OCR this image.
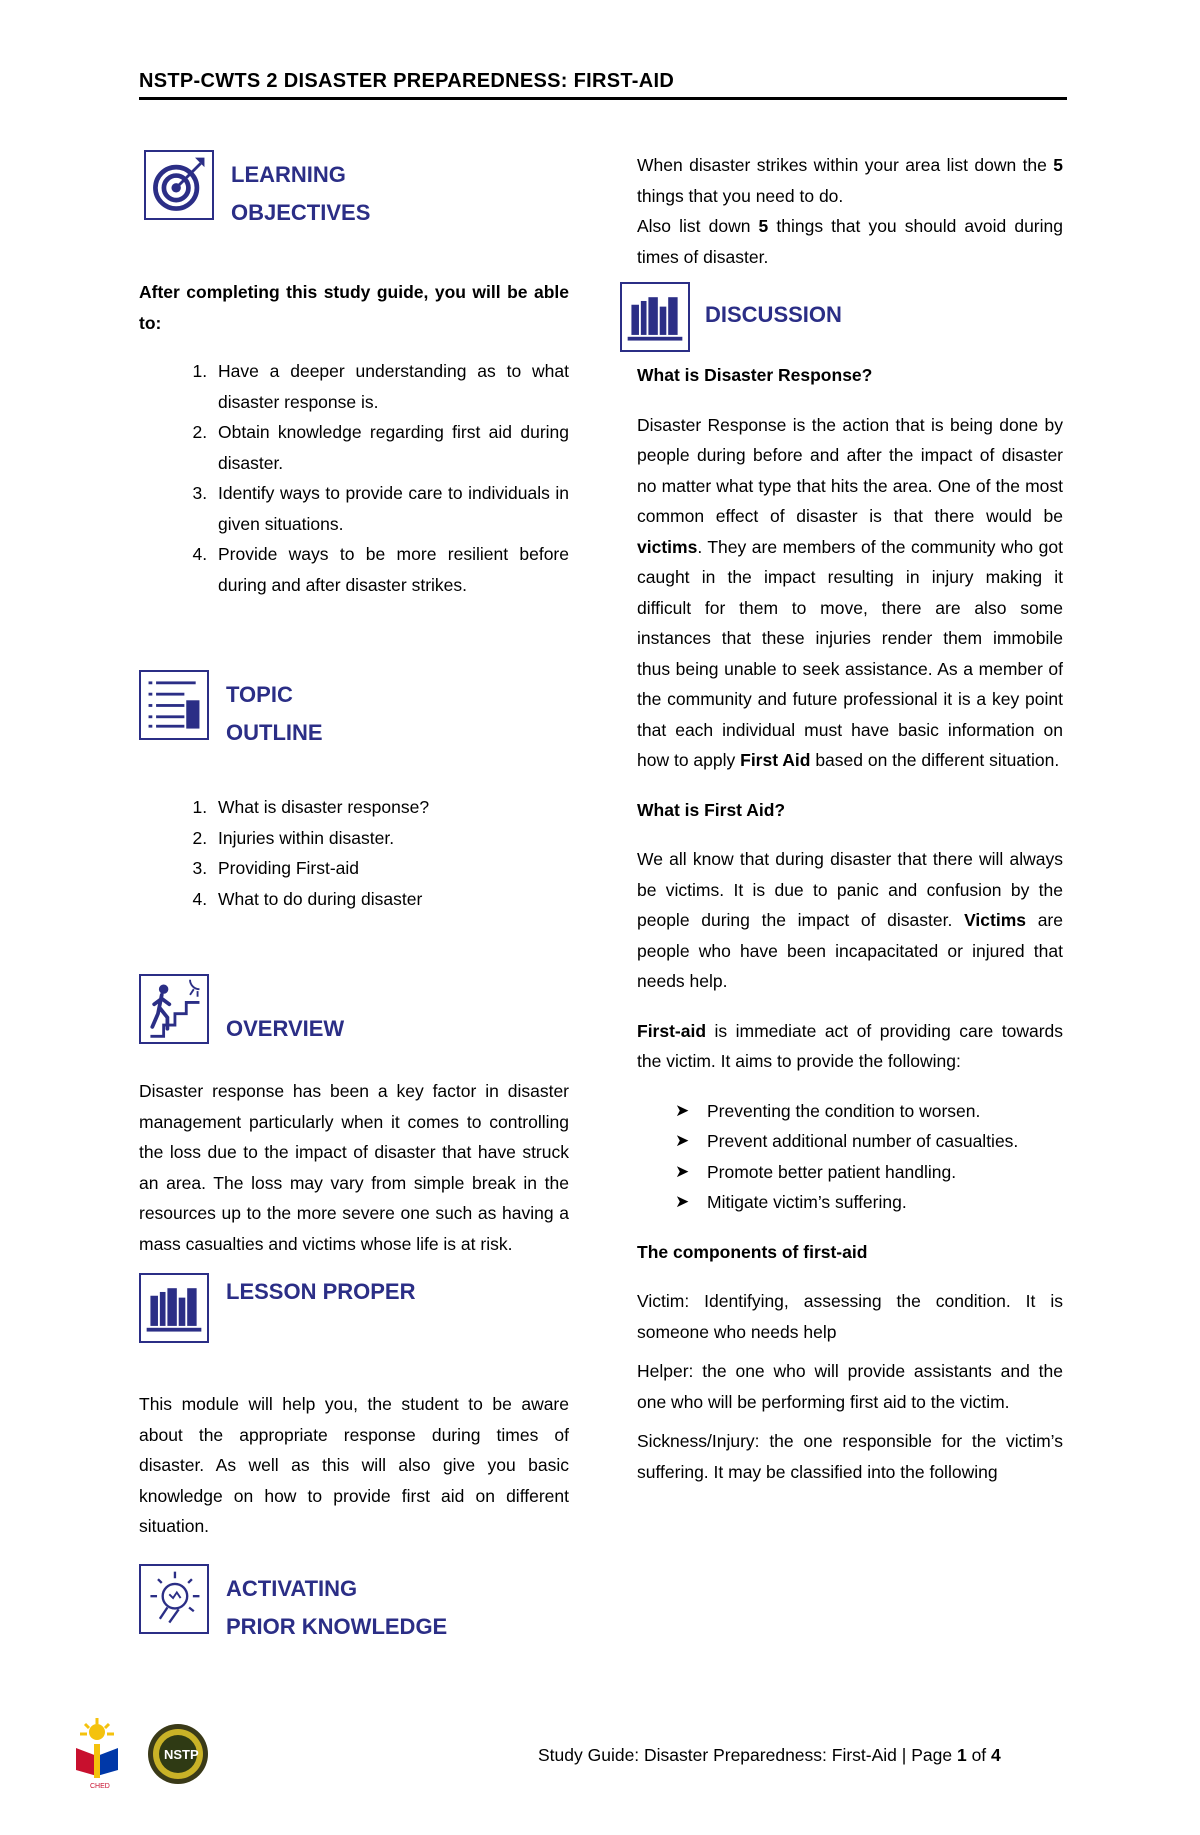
NSTP-CWTS 2 DISASTER PREPAREDNESS: FIRST-AID
LEARNING
OBJECTIVES

After completing this study guide, you will be able to:

1. Have a deeper understanding as to what disaster response is.
2. Obtain knowledge regarding first aid during disaster.
3. Identify ways to provide care to individuals in given situations.
4. Provide ways to be more resilient before during and after disaster strikes.
TOPIC
OUTLINE
1. What is disaster response?
2. Injuries within disaster.
3. Providing First-aid
4. What to do during disaster
OVERVIEW

Disaster response has been a key factor in disaster management particularly when it comes to controlling the loss due to the impact of disaster that have struck an area. The loss may vary from simple break in the resources up to the more severe one such as having a mass casualties and victims whose life is at risk.

LESSON PROPER

This module will help you, the student to be aware about the appropriate response during times of disaster. As well as this will also give you basic knowledge on how to provide first aid on different situation.

ACTIVATING
PRIOR KNOWLEDGE

When disaster strikes within your area list down the 5 things that you need to do.

Also list down 5 things that you should avoid during times of disaster.

DISCUSSION

What is Disaster Response?

Disaster Response is the action that is being done by people during before and after the impact of disaster no matter what type that hits the area. One of the most common effect of disaster is that there would be victims. They are members of the community who got caught in the impact resulting in injury making it difficult for them to move, there are also some instances that these injuries render them immobile thus being unable to seek assistance. As a member of the community and future professional it is a key point that each individual must have basic information on how to apply First Aid based on the different situation.

What is First Aid?

We all know that during disaster that there will always be victims. It is due to panic and confusion by the people during the impact of disaster. Victims are people who have been incapacitated or injured that needs help.

First-aid is immediate act of providing care towards the victim. It aims to provide the following:

➤ Preventing the condition to worsen.
➤ Prevent additional number of casualties.
➤ Promote better patient handling.
➤ Mitigate victim’s suffering.

The components of first-aid

Victim: Identifying, assessing the condition. It is someone who needs help

Helper: the one who will provide assistants and the one who will be performing first aid to the victim.

Sickness/Injury: the one responsible for the victim’s suffering. It may be classified into the following

CHED
NSTP	Study Guide: Disaster Preparedness: First-Aid | Page 1 of 4
